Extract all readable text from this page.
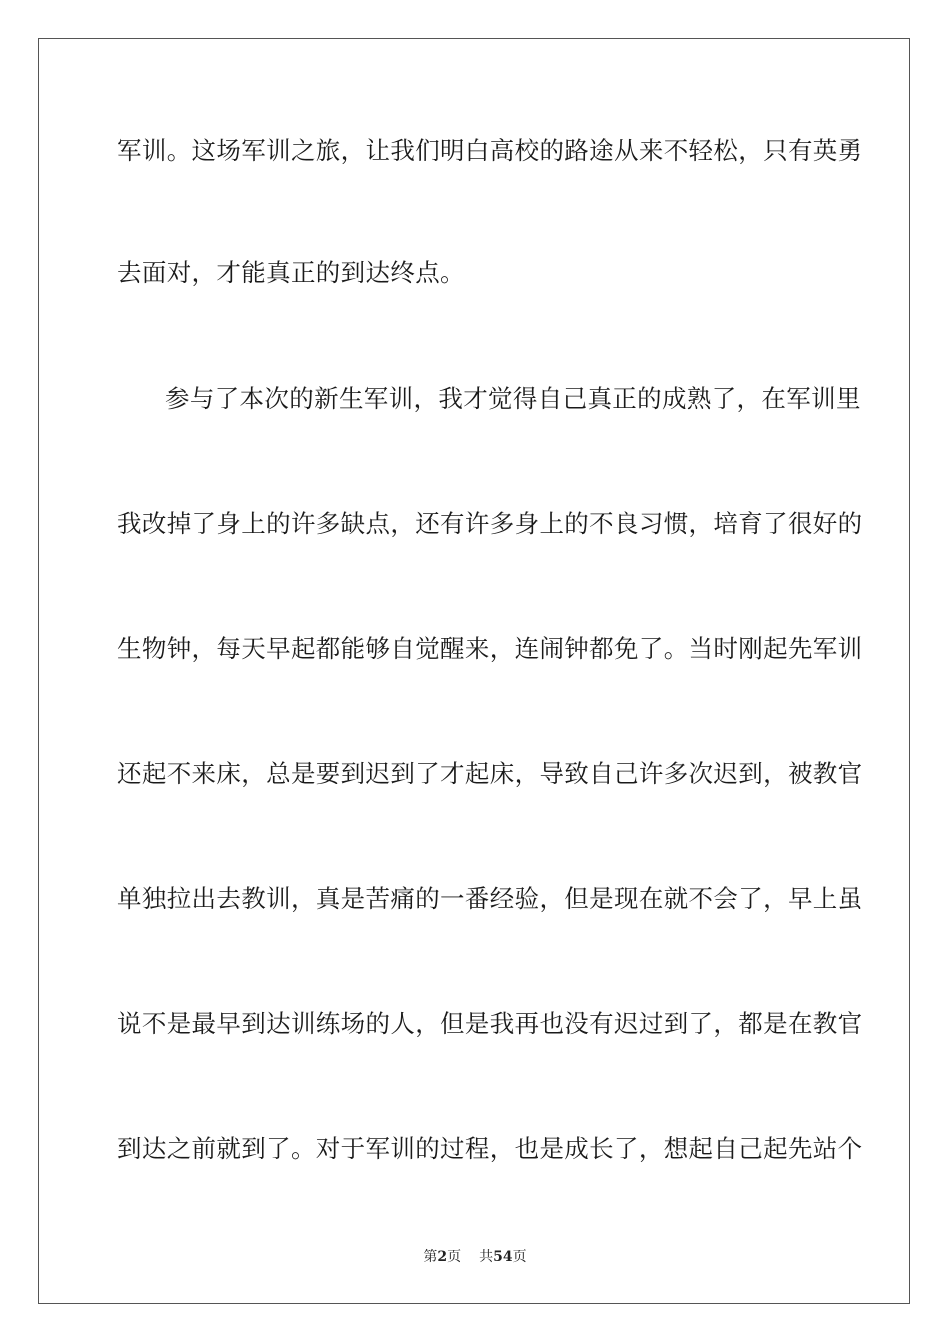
军训。这场军训之旅，让我们明白高校的路途从来不轻松，只有英勇
去面对，才能真正的到达终点。
参与了本次的新生军训，我才觉得自己真正的成熟了，在军训里
我改掉了身上的许多缺点，还有许多身上的不良习惯，培育了很好的
生物钟，每天早起都能够自觉醒来，连闹钟都免了。当时刚起先军训
还起不来床，总是要到迟到了才起床，导致自己许多次迟到，被教官
单独拉出去教训，真是苦痛的一番经验，但是现在就不会了，早上虽
说不是最早到达训练场的人，但是我再也没有迟过到了，都是在教官
到达之前就到了。对于军训的过程，也是成长了，想起自己起先站个
第2页 共54页
